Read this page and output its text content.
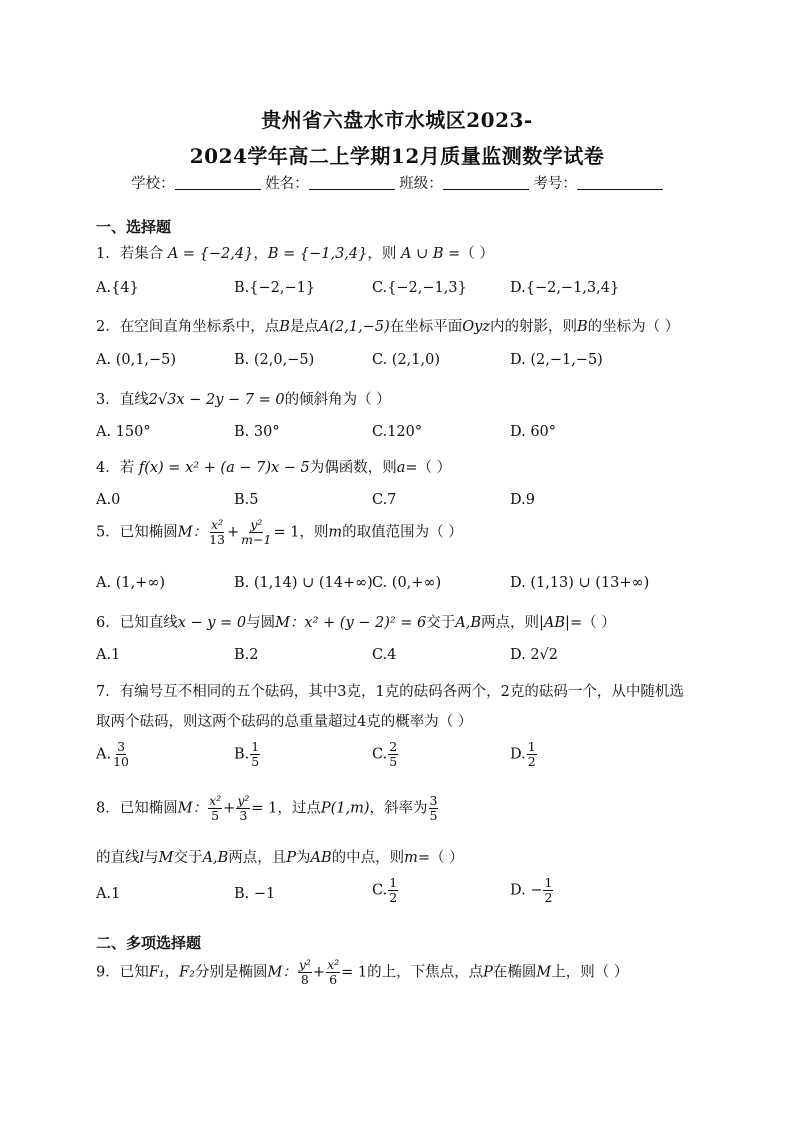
贵州省六盘水市水城区2023-
2024学年高二上学期12月质量监测数学试卷
学校：	姓名：	班级：	考号：
一、选择题
1．若集合 A = {−2,4}，B = {−1,3,4}，则 A ∪ B =（ ）
A.{4}	B.{−2,−1}	C.{−2,−1,3}	D.{−2,−1,3,4}
2．在空间直角坐标系中，点B是点A(2,1,−5)在坐标平面Oyz内的射影，则B的坐标为（ ）
A. (0,1,−5)	B. (2,0,−5)	C. (2,1,0)	D. (2,−1,−5)
3．直线2√3x − 2y − 7 = 0的倾斜角为（ ）
A. 150°	B. 30°	C.120°	D. 60°
4．若 f(x) = x² + (a − 7)x − 5为偶函数，则a=（ ）
A.0	B.5	C.7	D.9
5．已知椭圆M： $\frac{\text{x²}}{13} + \frac{\text{y²}}{m-1} = 1$，则m的取值范围为（ ）
A. (1,+∞)	B. (1,14) ∪ (14+∞) C. (0,+∞)	D. (1,13) ∪ (13+∞)
6．已知直线x − y = 0与圆M：x² + (y − 2)² = 6交于A,B两点，则|AB|=（ ）
A.1	B.2	C.4	D. 2√2
7．有编号互不相同的五个砝码，其中3克，1克的砝码各两个，2克的砝码一个，从中随机选
取两个砝码，则这两个砝码的总重量超过4克的概率为（ ）
A. $\frac{3}{10}$	B. $\frac{1}{5}$	C. $\frac{2}{5}$	D. $\frac{1}{2}$
8．已知椭圆M： $\frac{\text{x²}}{5} + \frac{\text{y²}}{3} = 1$，过点P(1,m)，斜率为 $\frac{3}{5}$
的直线l与M交于A,B两点，且P为AB的中点，则m=（ ）
A.1	B. −1	C. $\frac{1}{2}$	D. − $\frac{1}{2}$
二、多项选择题
9．已知F₁，F₂分别是椭圆M： $\frac{\text{y²}}{8} + \frac{\text{x²}}{6} = 1$的上，下焦点，点P在椭圆M上，则（ ）
